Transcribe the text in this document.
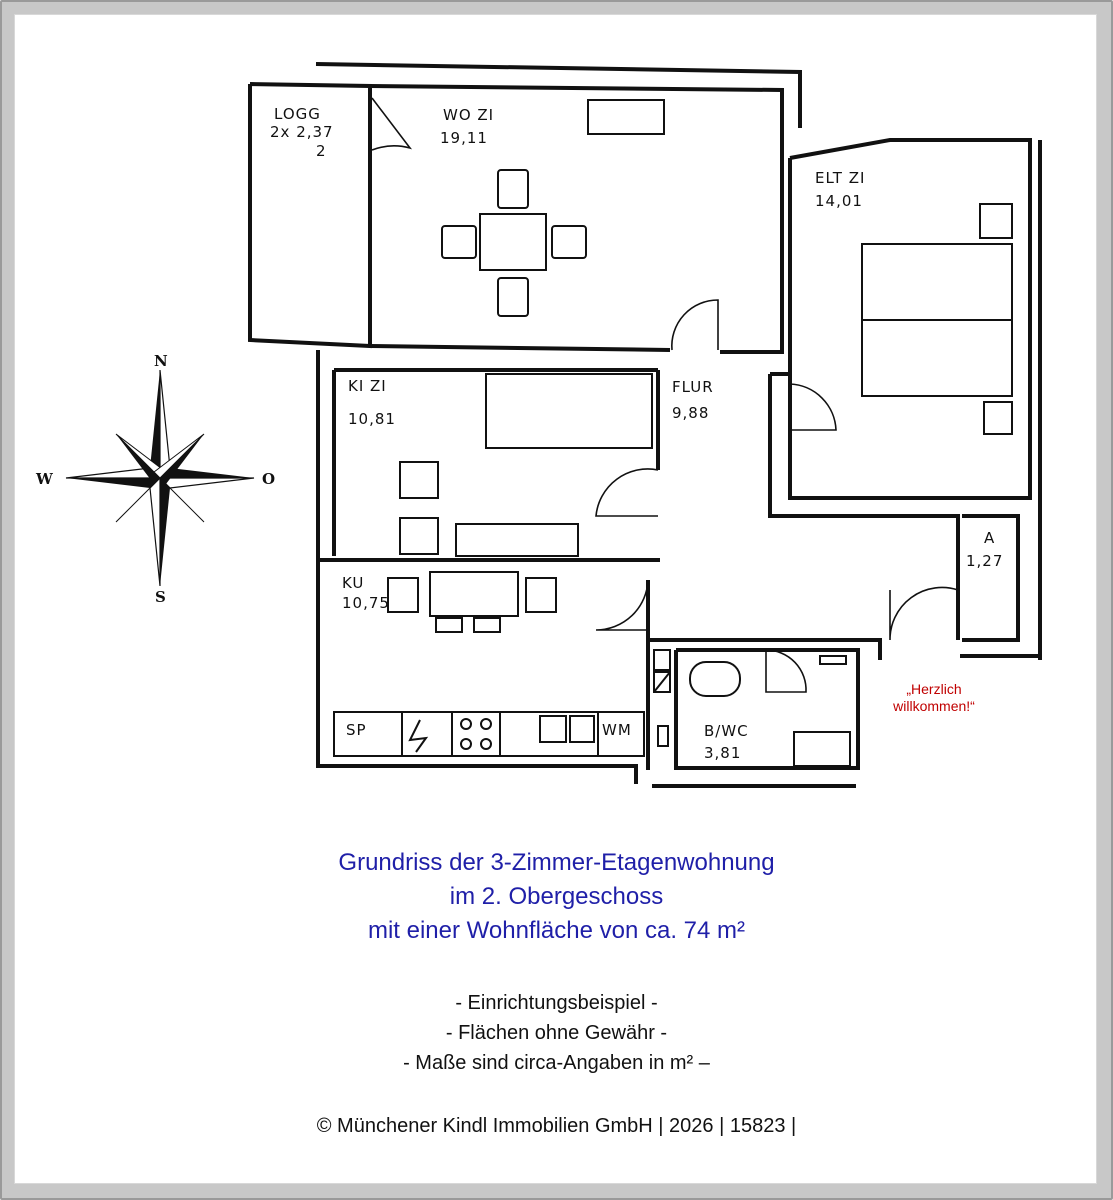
LOGG
2x 2,37
2
WO ZI
19,11
ELT ZI
14,01
KI ZI
10,81
FLUR
9,88
KU
10,75
B/WC
3,81
A
1,27
SP	WM
N
S
W	O
„Herzlich
willkommen!“
Grundriss der 3-Zimmer-Etagenwohnung
im 2. Obergeschoss
mit einer Wohnfläche von ca. 74 m²
- Einrichtungsbeispiel -
- Flächen ohne Gewähr -
- Maße sind circa-Angaben in m² –
© Münchener Kindl Immobilien GmbH | 2026 | 15823 |
